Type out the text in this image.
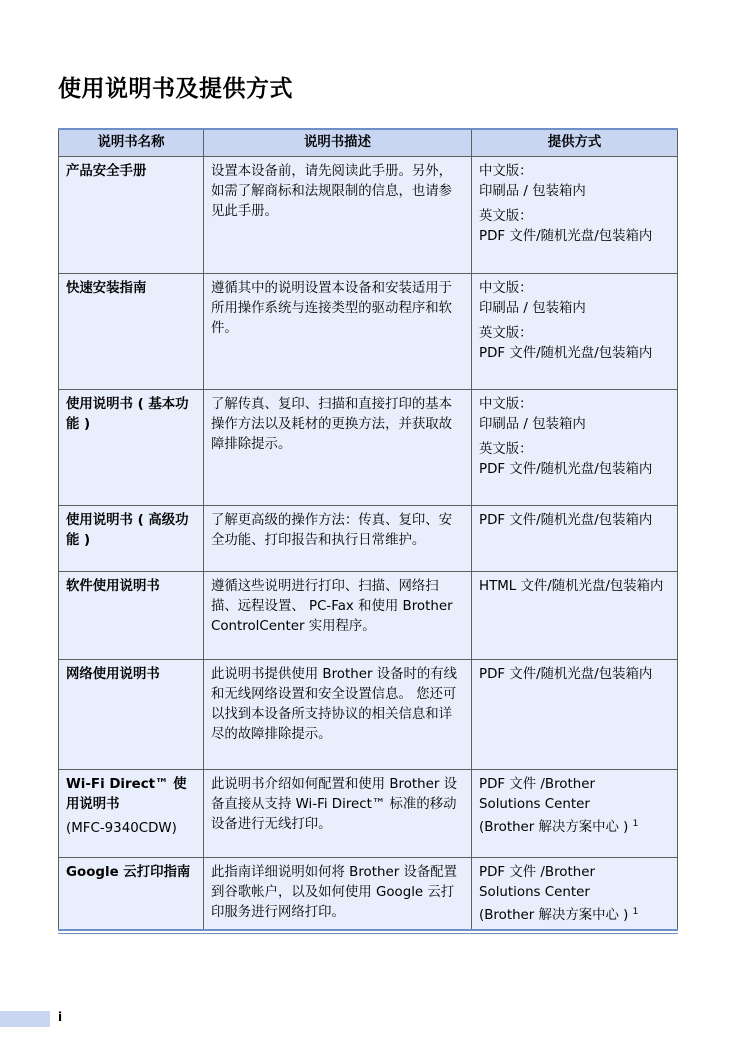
使用说明书及提供方式
说明书名称	说明书描述	提供方式
产品安全手册	设置本设备前，请先阅读此手册。另外，如需了解商标和法规限制的信息，也请参见此手册。	中文版：
印刷品 / 包装箱内
英文版：
PDF 文件/随机光盘/包装箱内

快速安装指南	遵循其中的说明设置本设备和安装适用于所用操作系统与连接类型的驱动程序和软件。	中文版：
印刷品 / 包装箱内
英文版：
PDF 文件/随机光盘/包装箱内

使用说明书 ( 基本功能 )	了解传真、复印、扫描和直接打印的基本操作方法以及耗材的更换方法，并获取故障排除提示。	中文版：
印刷品 / 包装箱内
英文版：
PDF 文件/随机光盘/包装箱内

使用说明书 ( 高级功能 )	了解更高级的操作方法：传真、复印、安全功能、打印报告和执行日常维护。	PDF 文件/随机光盘/包装箱内
软件使用说明书	遵循这些说明进行打印、扫描、网络扫描、远程设置、 PC-Fax 和使用 Brother ControlCenter 实用程序。	HTML 文件/随机光盘/包装箱内
网络使用说明书	此说明书提供使用 Brother 设备时的有线和无线网络设置和安全设置信息。 您还可以找到本设备所支持协议的相关信息和详尽的故障排除提示。	PDF 文件/随机光盘/包装箱内
Wi-Fi Direct™ 使用说明书
(MFC-9340CDW)	此说明书介绍如何配置和使用 Brother 设备直接从支持 Wi-Fi Direct™ 标准的移动设备进行无线打印。	PDF 文件 /Brother
Solutions Center
(Brother 解决方案中心 ) $^1$

Google 云打印指南	此指南详细说明如何将 Brother 设备配置到谷歌帐户，以及如何使用 Google 云打印服务进行网络打印。	PDF 文件 /Brother
Solutions Center
(Brother 解决方案中心 ) $^1$
i
